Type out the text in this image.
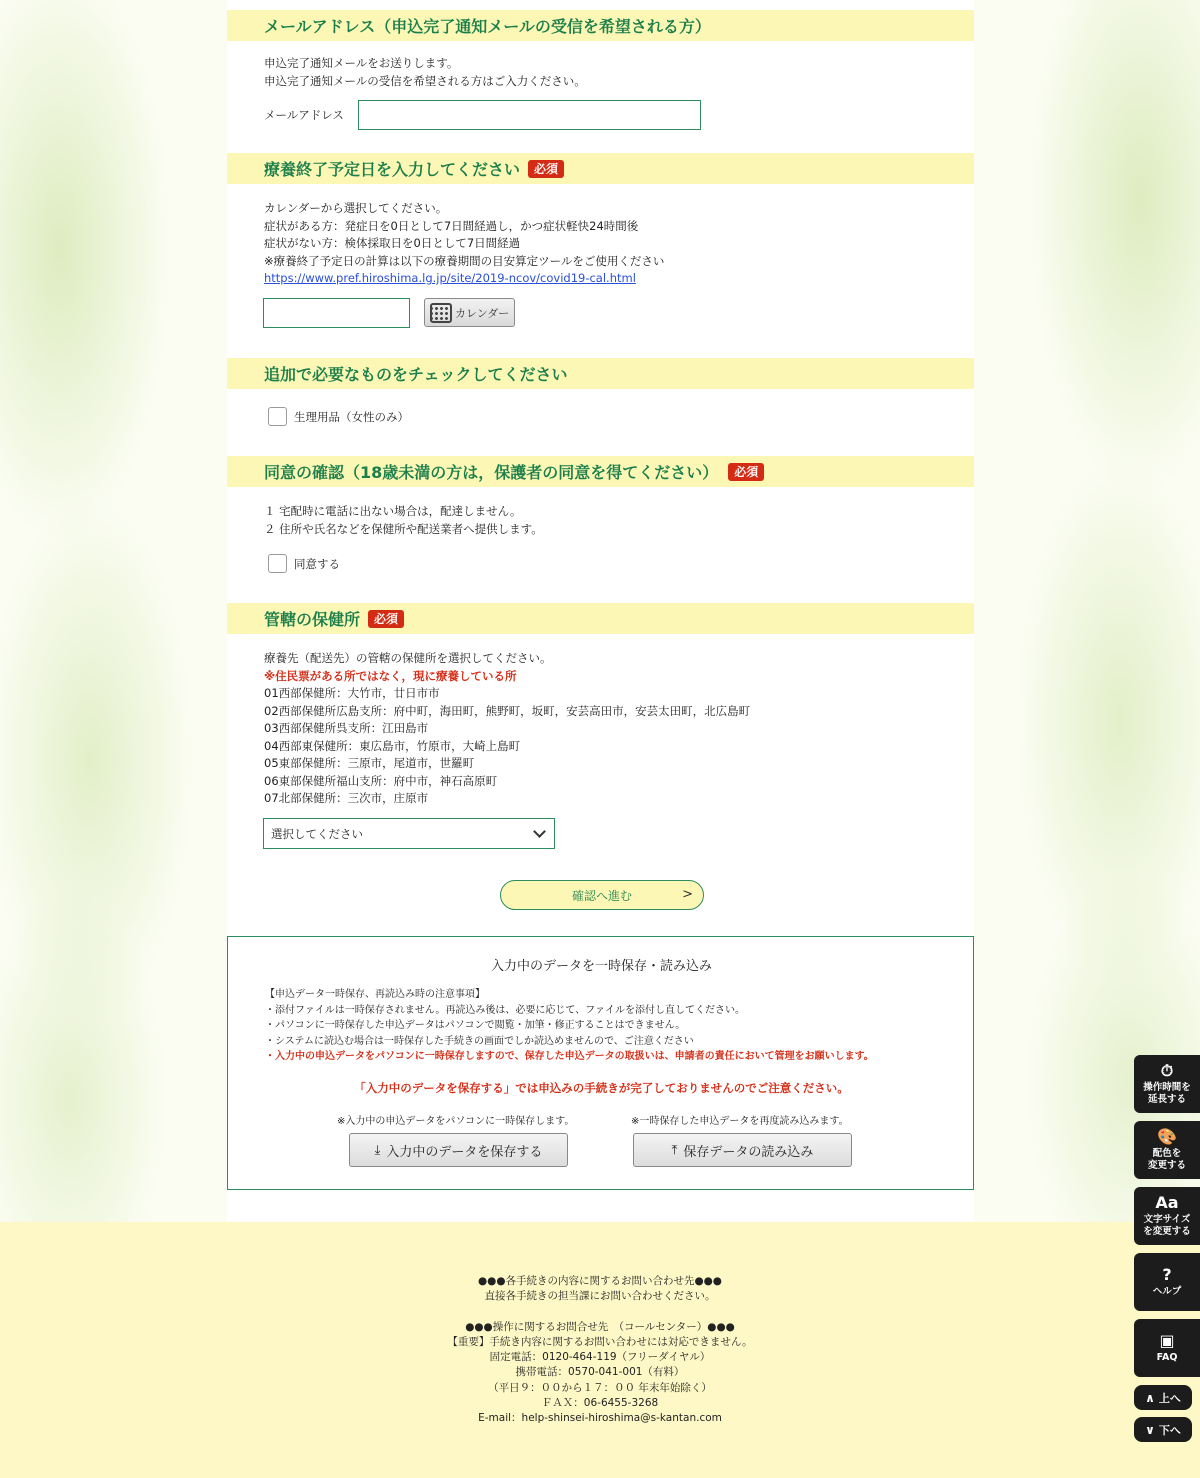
メールアドレス（申込完了通知メールの受信を希望される方）
申込完了通知メールをお送りします。
申込完了通知メールの受信を希望される方はご入力ください。
メールアドレス
療養終了予定日を入力してください	必須
カレンダーから選択してください。
症状がある方：発症日を0日として7日間経過し，かつ症状軽快24時間後
症状がない方：検体採取日を0日として7日間経過
※療養終了予定日の計算は以下の療養期間の目安算定ツールをご使用ください
https://www.pref.hiroshima.lg.jp/site/2019-ncov/covid19-cal.html
カレンダー
追加で必要なものをチェックしてください
生理用品（女性のみ）
同意の確認（18歳未満の方は，保護者の同意を得てください）	必須
１ 宅配時に電話に出ない場合は，配達しません。
２ 住所や氏名などを保健所や配送業者へ提供します。
同意する
管轄の保健所	必須
療養先（配送先）の管轄の保健所を選択してください。
※住民票がある所ではなく，現に療養している所
01西部保健所：大竹市，廿日市市
02西部保健所広島支所：府中町，海田町，熊野町，坂町，安芸高田市，安芸太田町，北広島町
03西部保健所呉支所：江田島市
04西部東保健所：東広島市，竹原市，大崎上島町
05東部保健所：三原市，尾道市，世羅町
06東部保健所福山支所：府中市，神石高原町
07北部保健所：三次市，庄原市
選択してください
確認へ進む	>
入力中のデータを一時保存・読み込み
【申込データ一時保存、再読込み時の注意事項】
・添付ファイルは一時保存されません。再読込み後は、必要に応じて、ファイルを添付し直してください。
・パソコンに一時保存した申込データはパソコンで閲覧・加筆・修正することはできません。
・システムに読込む場合は一時保存した手続きの画面でしか読込めませんので、ご注意ください
・入力中の申込データをパソコンに一時保存しますので、保存した申込データの取扱いは、申請者の責任において管理をお願いします。
「入力中のデータを保存する」では申込みの手続きが完了しておりませんのでご注意ください。
※入力中の申込データをパソコンに一時保存します。	※一時保存した申込データを再度読み込みます。
⤓ 入力中のデータを保存する	⤒ 保存データの読み込み
●●●各手続きの内容に関するお問い合わせ先●●●
直接各手続きの担当課にお問い合わせください。
●●●操作に関するお問合せ先　（コールセンター）●●●
【重要】手続き内容に関するお問い合わせには対応できません。
固定電話：0120-464-119（フリーダイヤル）
携帯電話：0570-041-001（有料）
（平日９：００から１７：００ 年末年始除く）
ＦＡＸ：06-6455-3268
E-mail：help-shinsei-hiroshima@s-kantan.com
⏱
操作時間を
延長する
🎨
配色を
変更する
Aa
文字サイズ
を変更する
?
ヘルプ
▣
FAQ
∧ 上へ
∨ 下へ
